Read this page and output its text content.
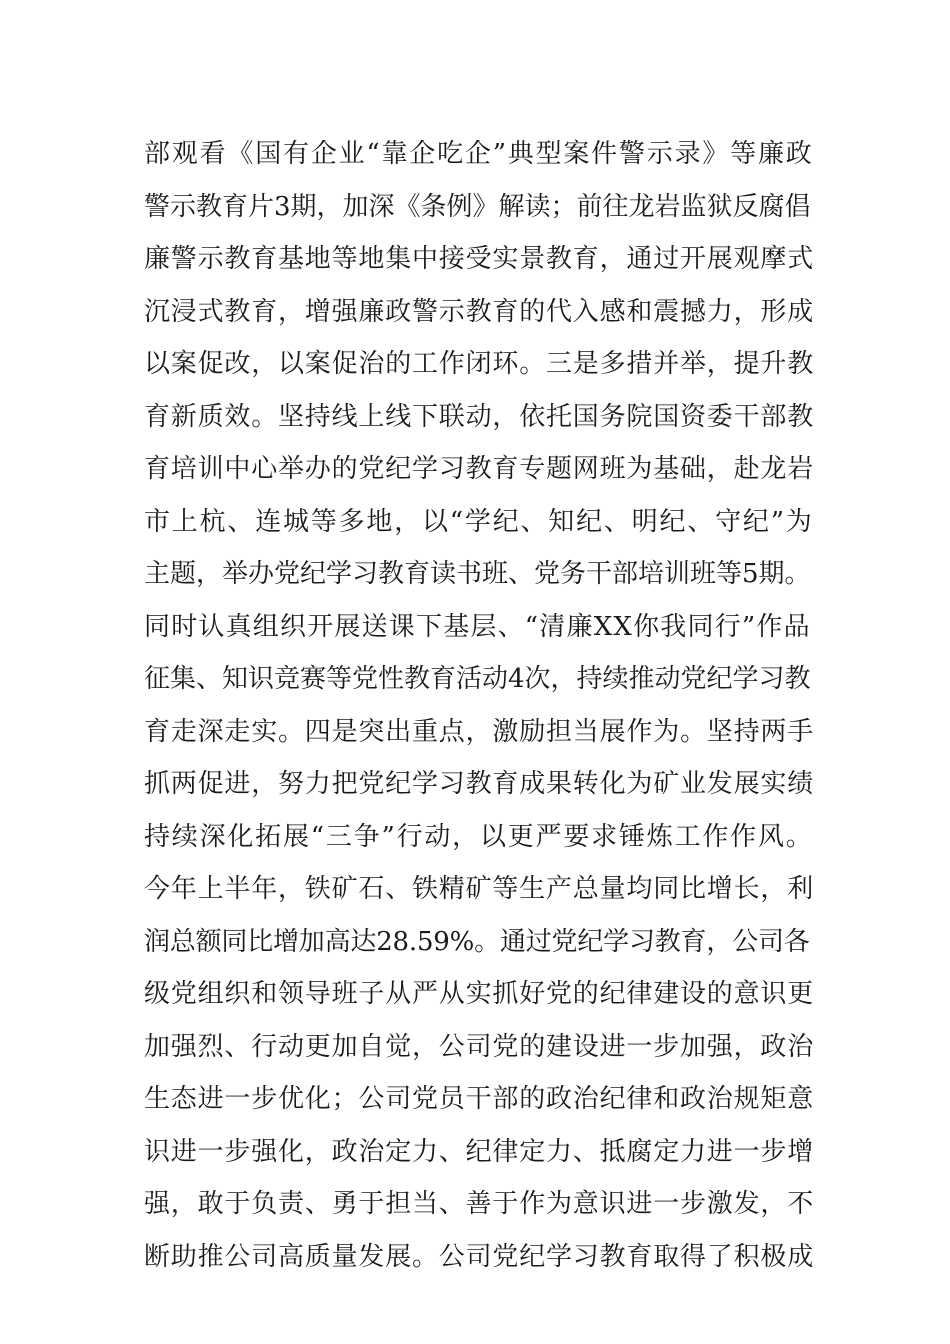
部观看《国有企业“靠企吃企”典型案件警示录》等廉政
警示教育片3期，加深《条例》解读；前往龙岩监狱反腐倡
廉警示教育基地等地集中接受实景教育，通过开展观摩式
沉浸式教育，增强廉政警示教育的代入感和震撼力，形成
以案促改，以案促治的工作闭环。三是多措并举，提升教
育新质效。坚持线上线下联动，依托国务院国资委干部教
育培训中心举办的党纪学习教育专题网班为基础，赴龙岩
市上杭、连城等多地，以“学纪、知纪、明纪、守纪”为
主题，举办党纪学习教育读书班、党务干部培训班等5期。
同时认真组织开展送课下基层、“清廉XX你我同行”作品
征集、知识竞赛等党性教育活动4次，持续推动党纪学习教
育走深走实。四是突出重点，激励担当展作为。坚持两手
抓两促进，努力把党纪学习教育成果转化为矿业发展实绩
持续深化拓展“三争”行动，以更严要求锤炼工作作风。
今年上半年，铁矿石、铁精矿等生产总量均同比增长，利
润总额同比增加高达28.59%。通过党纪学习教育，公司各
级党组织和领导班子从严从实抓好党的纪律建设的意识更
加强烈、行动更加自觉，公司党的建设进一步加强，政治
生态进一步优化；公司党员干部的政治纪律和政治规矩意
识进一步强化，政治定力、纪律定力、抵腐定力进一步增
强，敢于负责、勇于担当、善于作为意识进一步激发，不
断助推公司高质量发展。公司党纪学习教育取得了积极成
